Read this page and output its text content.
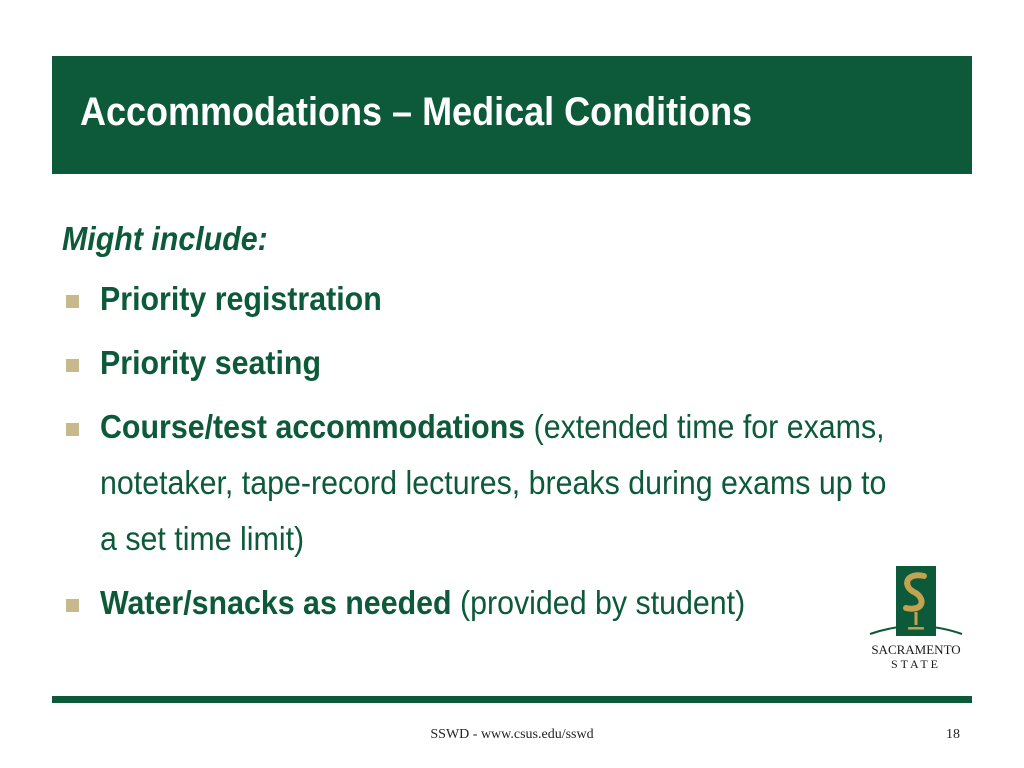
Accommodations – Medical Conditions
Might include:
Priority registration
Priority seating
Course/test accommodations (extended time for exams, notetaker, tape-record lectures, breaks during exams up to a set time limit)
Water/snacks as needed (provided by student)
SACRAMENTO
STATE
SSWD - www.csus.edu/sswd	18
